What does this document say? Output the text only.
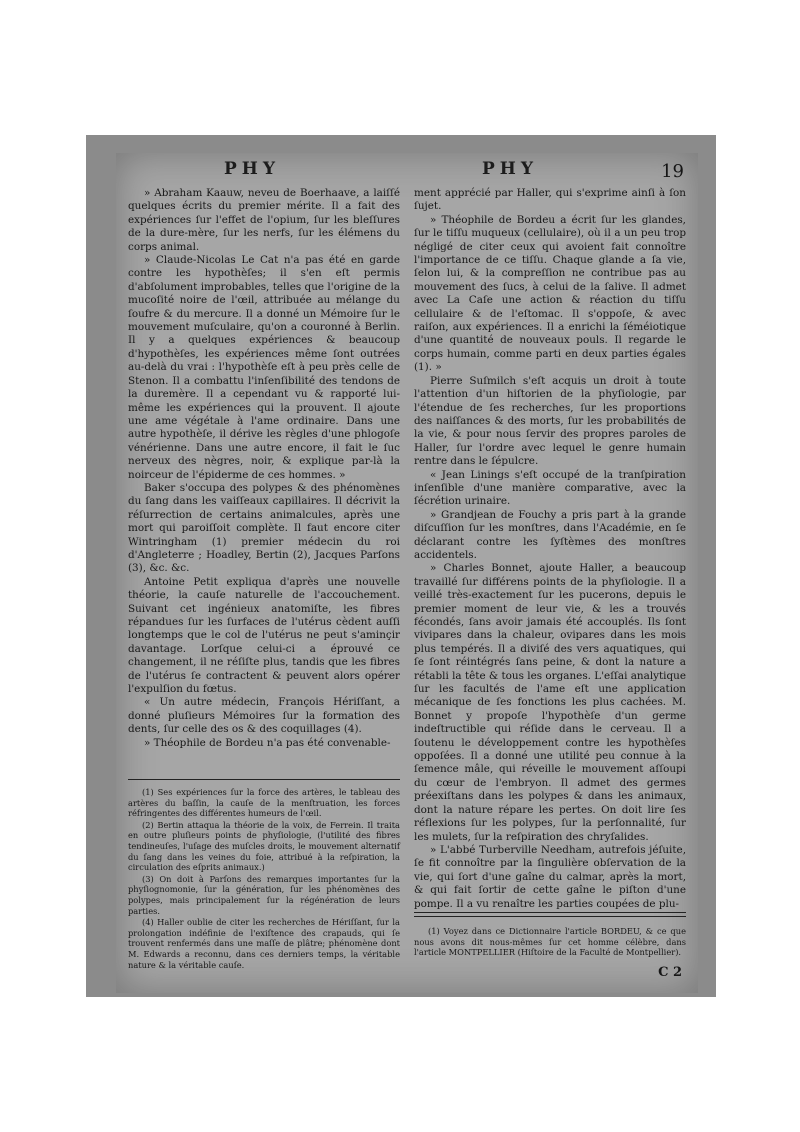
PHY	PHY	19

» Abraham Kaauw, neveu de Boerhaave, a laiſſé quelques écrits du premier mérite. Il a fait des expériences ſur l'effet de l'opium, ſur les bleſſures de la dure-mère, ſur les nerfs, ſur les élémens du corps animal.

» Claude-Nicolas Le Cat n'a pas été en garde contre les hypothèſes; il s'en eſt permis d'abſolument improbables, telles que l'origine de la mucoſité noire de l'œil, attribuée au mélange du ſoufre & du mercure. Il a donné un Mémoire ſur le mouvement muſculaire, qu'on a couronné à Berlin. Il y a quelques expériences & beaucoup d'hypothèſes, les expériences même ſont outrées au-delà du vrai : l'hypothèſe eſt à peu près celle de Stenon. Il a combattu l'inſenſibilité des tendons de la duremère. Il a cependant vu & rapporté lui-même les expériences qui la prouvent. Il ajoute une ame végétale à l'ame ordinaire. Dans une autre hypothèſe, il dérive les règles d'une phlogoſe vénérienne. Dans une autre encore, il fait le ſuc nerveux des nègres, noir, & explique par-là la noirceur de l'épiderme de ces hommes. »

Baker s'occupa des polypes & des phénomènes du ſang dans les vaiſſeaux capillaires. Il décrivit la réſurrection de certains animalcules, après une mort qui paroiſſoit complète. Il faut encore citer Wintringham (1) premier médecin du roi d'Angleterre ; Hoadley, Bertin (2), Jacques Parſons (3), &c. &c.

Antoine Petit expliqua d'après une nouvelle théorie, la cauſe naturelle de l'accouchement. Suivant cet ingénieux anatomiſte, les fibres répandues ſur les ſurfaces de l'utérus cèdent auſſi longtemps que le col de l'utérus ne peut s'aminçir davantage. Lorſque celui-ci a éprouvé ce changement, il ne réſiſte plus, tandis que les fibres de l'utérus ſe contractent & peuvent alors opérer l'expulſion du fœtus.

« Un autre médecin, François Hériſſant, a donné pluſieurs Mémoires ſur la formation des dents, ſur celle des os & des coquillages (4).

» Théophile de Bordeu n'a pas été convenable-

(1) Ses expériences ſur la force des artères, le tableau des artères du baſſin, la cauſe de la menſtruation, les forces réfringentes des différentes humeurs de l'œil.

(2) Bertin attaqua la théorie de la voix, de Ferrein. Il traita en outre pluſieurs points de phyſiologie, (l'utilité des fibres tendineuſes, l'uſage des muſcles droits, le mouvement alternatif du ſang dans les veines du foie, attribué à la reſpiration, la circulation des eſprits animaux.)

(3) On doit à Parſons des remarques importantes ſur la phyſiognomonie, ſur la génération, ſur les phénomènes des polypes, mais principalement ſur la régénération de leurs parties.

(4) Haller oublie de citer les recherches de Hériſſant, ſur la prolongation indéfinie de l'exiſtence des crapauds, qui ſe trouvent renfermés dans une maſſe de plâtre; phénomène dont M. Edwards a reconnu, dans ces derniers temps, la véritable nature & la véritable cauſe.

ment apprécié par Haller, qui s'exprime ainſi à ſon ſujet.

» Théophile de Bordeu a écrit ſur les glandes, ſur le tiſſu muqueux (cellulaire), où il a un peu trop négligé de citer ceux qui avoient fait connoître l'importance de ce tiſſu. Chaque glande a ſa vie, ſelon lui, & la compreſſion ne contribue pas au mouvement des ſucs, à celui de la ſalive. Il admet avec La Caſe une action & réaction du tiſſu cellulaire & de l'eſtomac. Il s'oppoſe, & avec raiſon, aux expériences. Il a enrichi la ſéméiotique d'une quantité de nouveaux pouls. Il regarde le corps humain, comme parti en deux parties égales (1). »

Pierre Suſmilch s'eſt acquis un droit à toute l'attention d'un hiſtorien de la phyſiologie, par l'étendue de ſes recherches, ſur les proportions des naiſſances & des morts, ſur les probabilités de la vie, & pour nous ſervir des propres paroles de Haller, ſur l'ordre avec lequel le genre humain rentre dans le ſépulcre.

« Jean Linings s'eſt occupé de la tranſpiration inſenſible d'une manière comparative, avec la ſécrétion urinaire.

» Grandjean de Fouchy a pris part à la grande diſcuſſion ſur les monſtres, dans l'Académie, en ſe déclarant contre les ſyſtèmes des monſtres accidentels.

» Charles Bonnet, ajoute Haller, a beaucoup travaillé ſur différens points de la phyſiologie. Il a veillé très-exactement ſur les pucerons, depuis le premier moment de leur vie, & les a trouvés fécondés, ſans avoir jamais été accouplés. Ils ſont vivipares dans la chaleur, ovipares dans les mois plus tempérés. Il a diviſé des vers aquatiques, qui ſe ſont réintégrés ſans peine, & dont la nature a rétabli la tête & tous les organes. L'eſſai analytique ſur les facultés de l'ame eſt une application mécanique de ſes fonctions les plus cachées. M. Bonnet y propoſe l'hypothèſe d'un germe indeſtructible qui réſide dans le cerveau. Il a ſoutenu le développement contre les hypothèſes oppoſées. Il a donné une utilité peu connue à la ſemence mâle, qui réveille le mouvement aſſoupi du cœur de l'embryon. Il admet des germes préexiſtans dans les polypes & dans les animaux, dont la nature répare les pertes. On doit lire ſes réflexions ſur les polypes, ſur la perſonnalité, ſur les mulets, ſur la reſpiration des chryſalides.

» L'abbé Turberville Needham, autrefois jéſuite, ſe fit connoître par la ſingulière obſervation de la vie, qui ſort d'une gaîne du calmar, après la mort, & qui fait ſortir de cette gaîne le piſton d'une pompe. Il a vu renaître les parties coupées de plu-

(1) Voyez dans ce Dictionnaire l'article BORDEU, & ce que nous avons dit nous-mêmes ſur cet homme célèbre, dans l'article MONTPELLIER (Hiſtoire de la Faculté de Montpellier).

C 2
